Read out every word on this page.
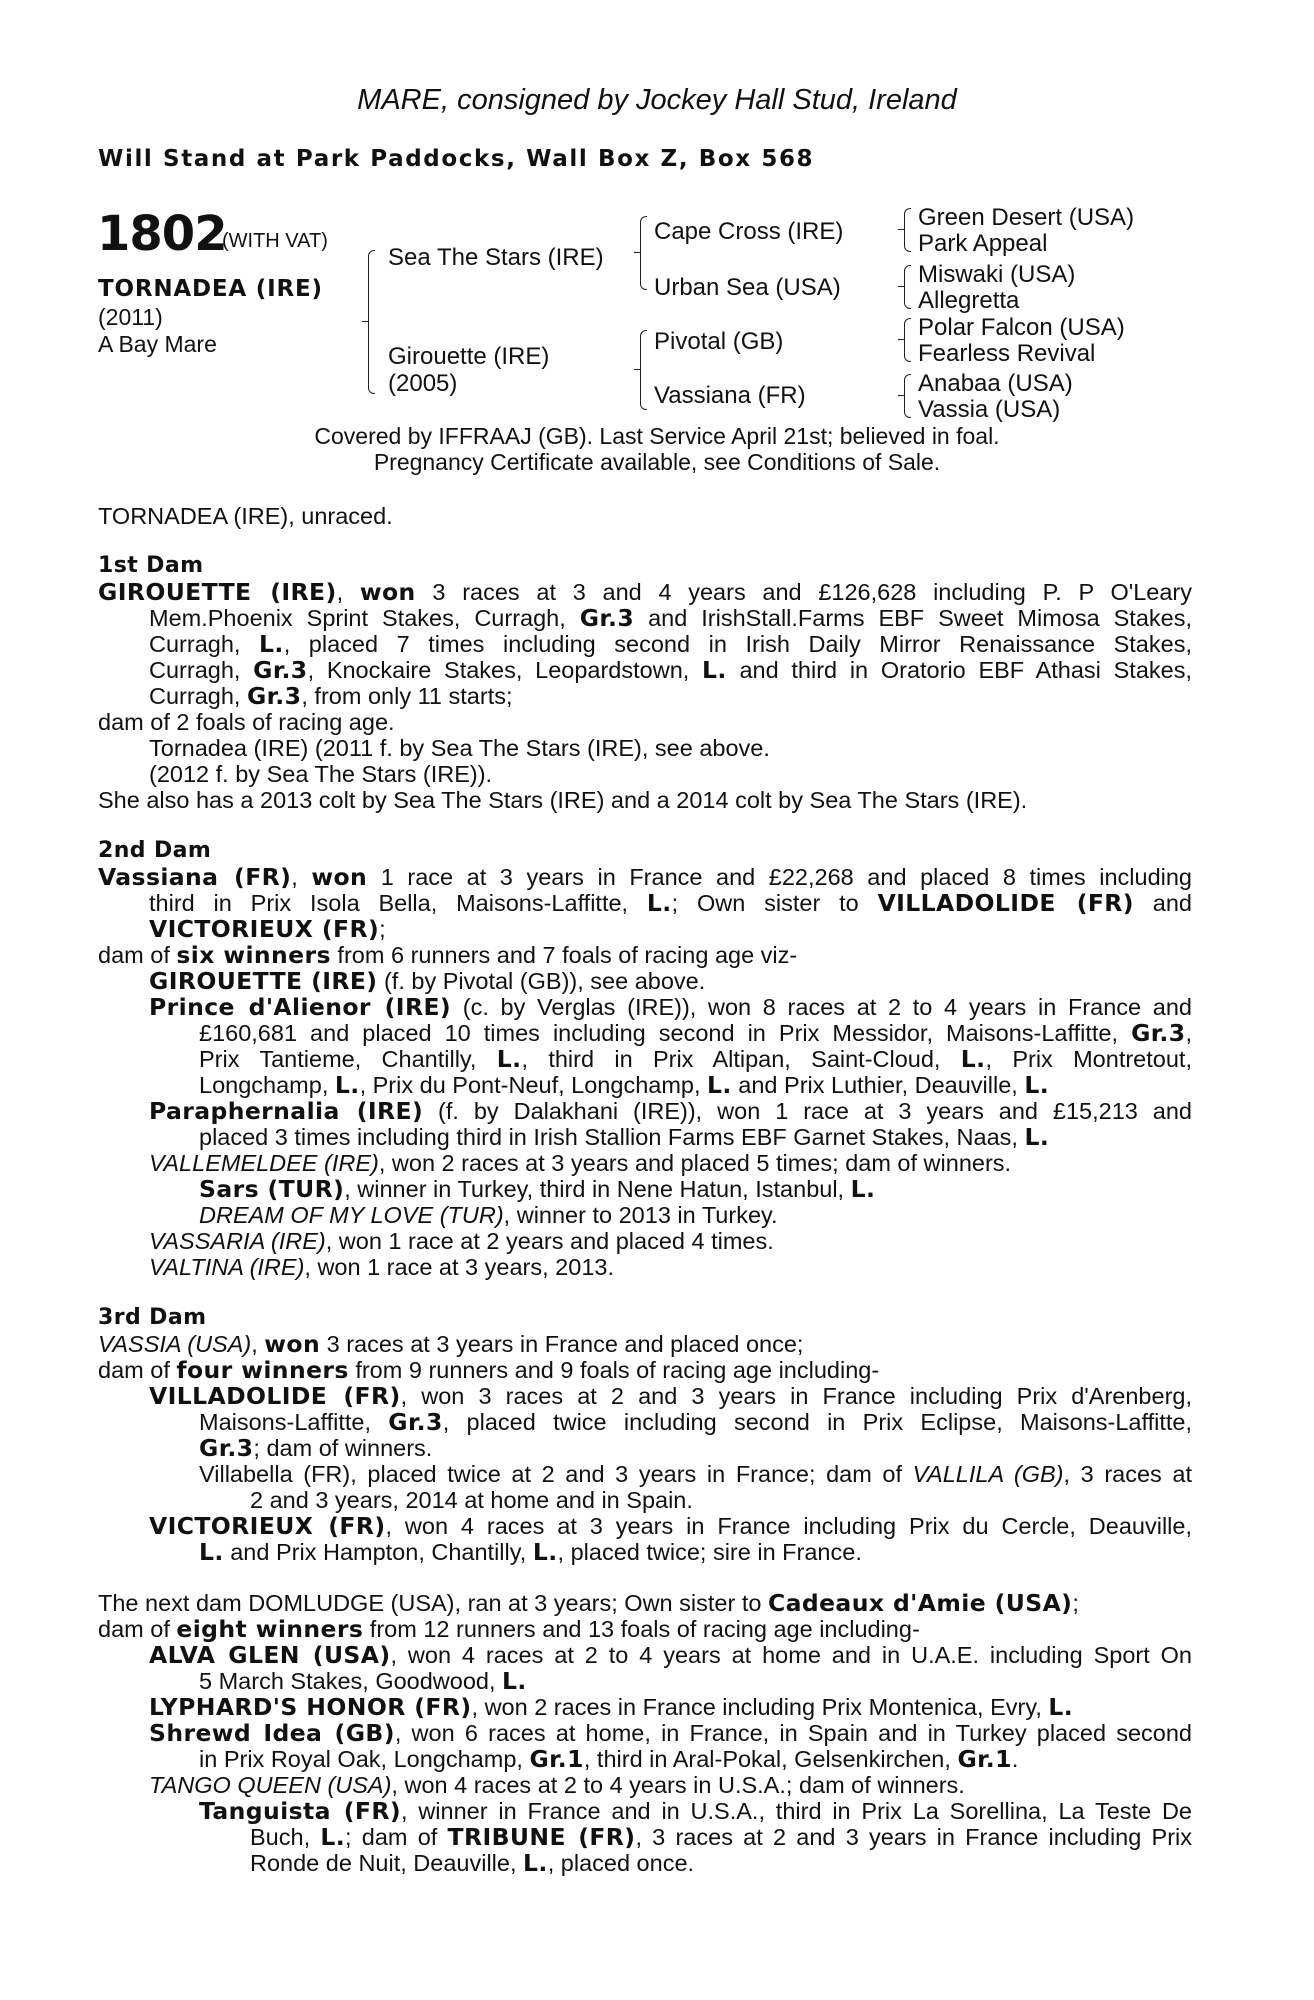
MARE, consigned by Jockey Hall Stud, Ireland
Will Stand at Park Paddocks, Wall Box Z, Box 568
1802
(WITH VAT)
TORNADEA (IRE)
(2011)
A Bay Mare
Sea The Stars (IRE)
Girouette (IRE)
(2005)
Cape Cross (IRE)
Urban Sea (USA)
Pivotal (GB)
Vassiana (FR)
Green Desert (USA)
Park Appeal
Miswaki (USA)
Allegretta
Polar Falcon (USA)
Fearless Revival
Anabaa (USA)
Vassia (USA)
Covered by IFFRAAJ (GB). Last Service April 21st; believed in foal.
Pregnancy Certificate available, see Conditions of Sale.
TORNADEA (IRE), unraced.
1st Dam
GIROUETTE (IRE), won 3 races at 3 and 4 years and £126,628 including P. P O'Leary
Mem.Phoenix Sprint Stakes, Curragh, Gr.3 and IrishStall.Farms EBF Sweet Mimosa Stakes,
Curragh, L., placed 7 times including second in Irish Daily Mirror Renaissance Stakes,
Curragh, Gr.3, Knockaire Stakes, Leopardstown, L. and third in Oratorio EBF Athasi Stakes,
Curragh, Gr.3, from only 11 starts;
dam of 2 foals of racing age.
Tornadea (IRE) (2011 f. by Sea The Stars (IRE), see above.
(2012 f. by Sea The Stars (IRE)).
She also has a 2013 colt by Sea The Stars (IRE) and a 2014 colt by Sea The Stars (IRE).
2nd Dam
Vassiana (FR), won 1 race at 3 years in France and £22,268 and placed 8 times including
third in Prix Isola Bella, Maisons-Laffitte, L.; Own sister to VILLADOLIDE (FR) and
VICTORIEUX (FR);
dam of six winners from 6 runners and 7 foals of racing age viz-
GIROUETTE (IRE) (f. by Pivotal (GB)), see above.
Prince d'Alienor (IRE) (c. by Verglas (IRE)), won 8 races at 2 to 4 years in France and
£160,681 and placed 10 times including second in Prix Messidor, Maisons-Laffitte, Gr.3,
Prix Tantieme, Chantilly, L., third in Prix Altipan, Saint-Cloud, L., Prix Montretout,
Longchamp, L., Prix du Pont-Neuf, Longchamp, L. and Prix Luthier, Deauville, L.
Paraphernalia (IRE) (f. by Dalakhani (IRE)), won 1 race at 3 years and £15,213 and
placed 3 times including third in Irish Stallion Farms EBF Garnet Stakes, Naas, L.
VALLEMELDEE (IRE), won 2 races at 3 years and placed 5 times; dam of winners.
Sars (TUR), winner in Turkey, third in Nene Hatun, Istanbul, L.
DREAM OF MY LOVE (TUR), winner to 2013 in Turkey.
VASSARIA (IRE), won 1 race at 2 years and placed 4 times.
VALTINA (IRE), won 1 race at 3 years, 2013.
3rd Dam
VASSIA (USA), won 3 races at 3 years in France and placed once;
dam of four winners from 9 runners and 9 foals of racing age including-
VILLADOLIDE (FR), won 3 races at 2 and 3 years in France including Prix d'Arenberg,
Maisons-Laffitte, Gr.3, placed twice including second in Prix Eclipse, Maisons-Laffitte,
Gr.3; dam of winners.
Villabella (FR), placed twice at 2 and 3 years in France; dam of VALLILA (GB), 3 races at
2 and 3 years, 2014 at home and in Spain.
VICTORIEUX (FR), won 4 races at 3 years in France including Prix du Cercle, Deauville,
L. and Prix Hampton, Chantilly, L., placed twice; sire in France.
The next dam DOMLUDGE (USA), ran at 3 years; Own sister to Cadeaux d'Amie (USA);
dam of eight winners from 12 runners and 13 foals of racing age including-
ALVA GLEN (USA), won 4 races at 2 to 4 years at home and in U.A.E. including Sport On
5 March Stakes, Goodwood, L.
LYPHARD'S HONOR (FR), won 2 races in France including Prix Montenica, Evry, L.
Shrewd Idea (GB), won 6 races at home, in France, in Spain and in Turkey placed second
in Prix Royal Oak, Longchamp, Gr.1, third in Aral-Pokal, Gelsenkirchen, Gr.1.
TANGO QUEEN (USA), won 4 races at 2 to 4 years in U.S.A.; dam of winners.
Tanguista (FR), winner in France and in U.S.A., third in Prix La Sorellina, La Teste De
Buch, L.; dam of TRIBUNE (FR), 3 races at 2 and 3 years in France including Prix
Ronde de Nuit, Deauville, L., placed once.
